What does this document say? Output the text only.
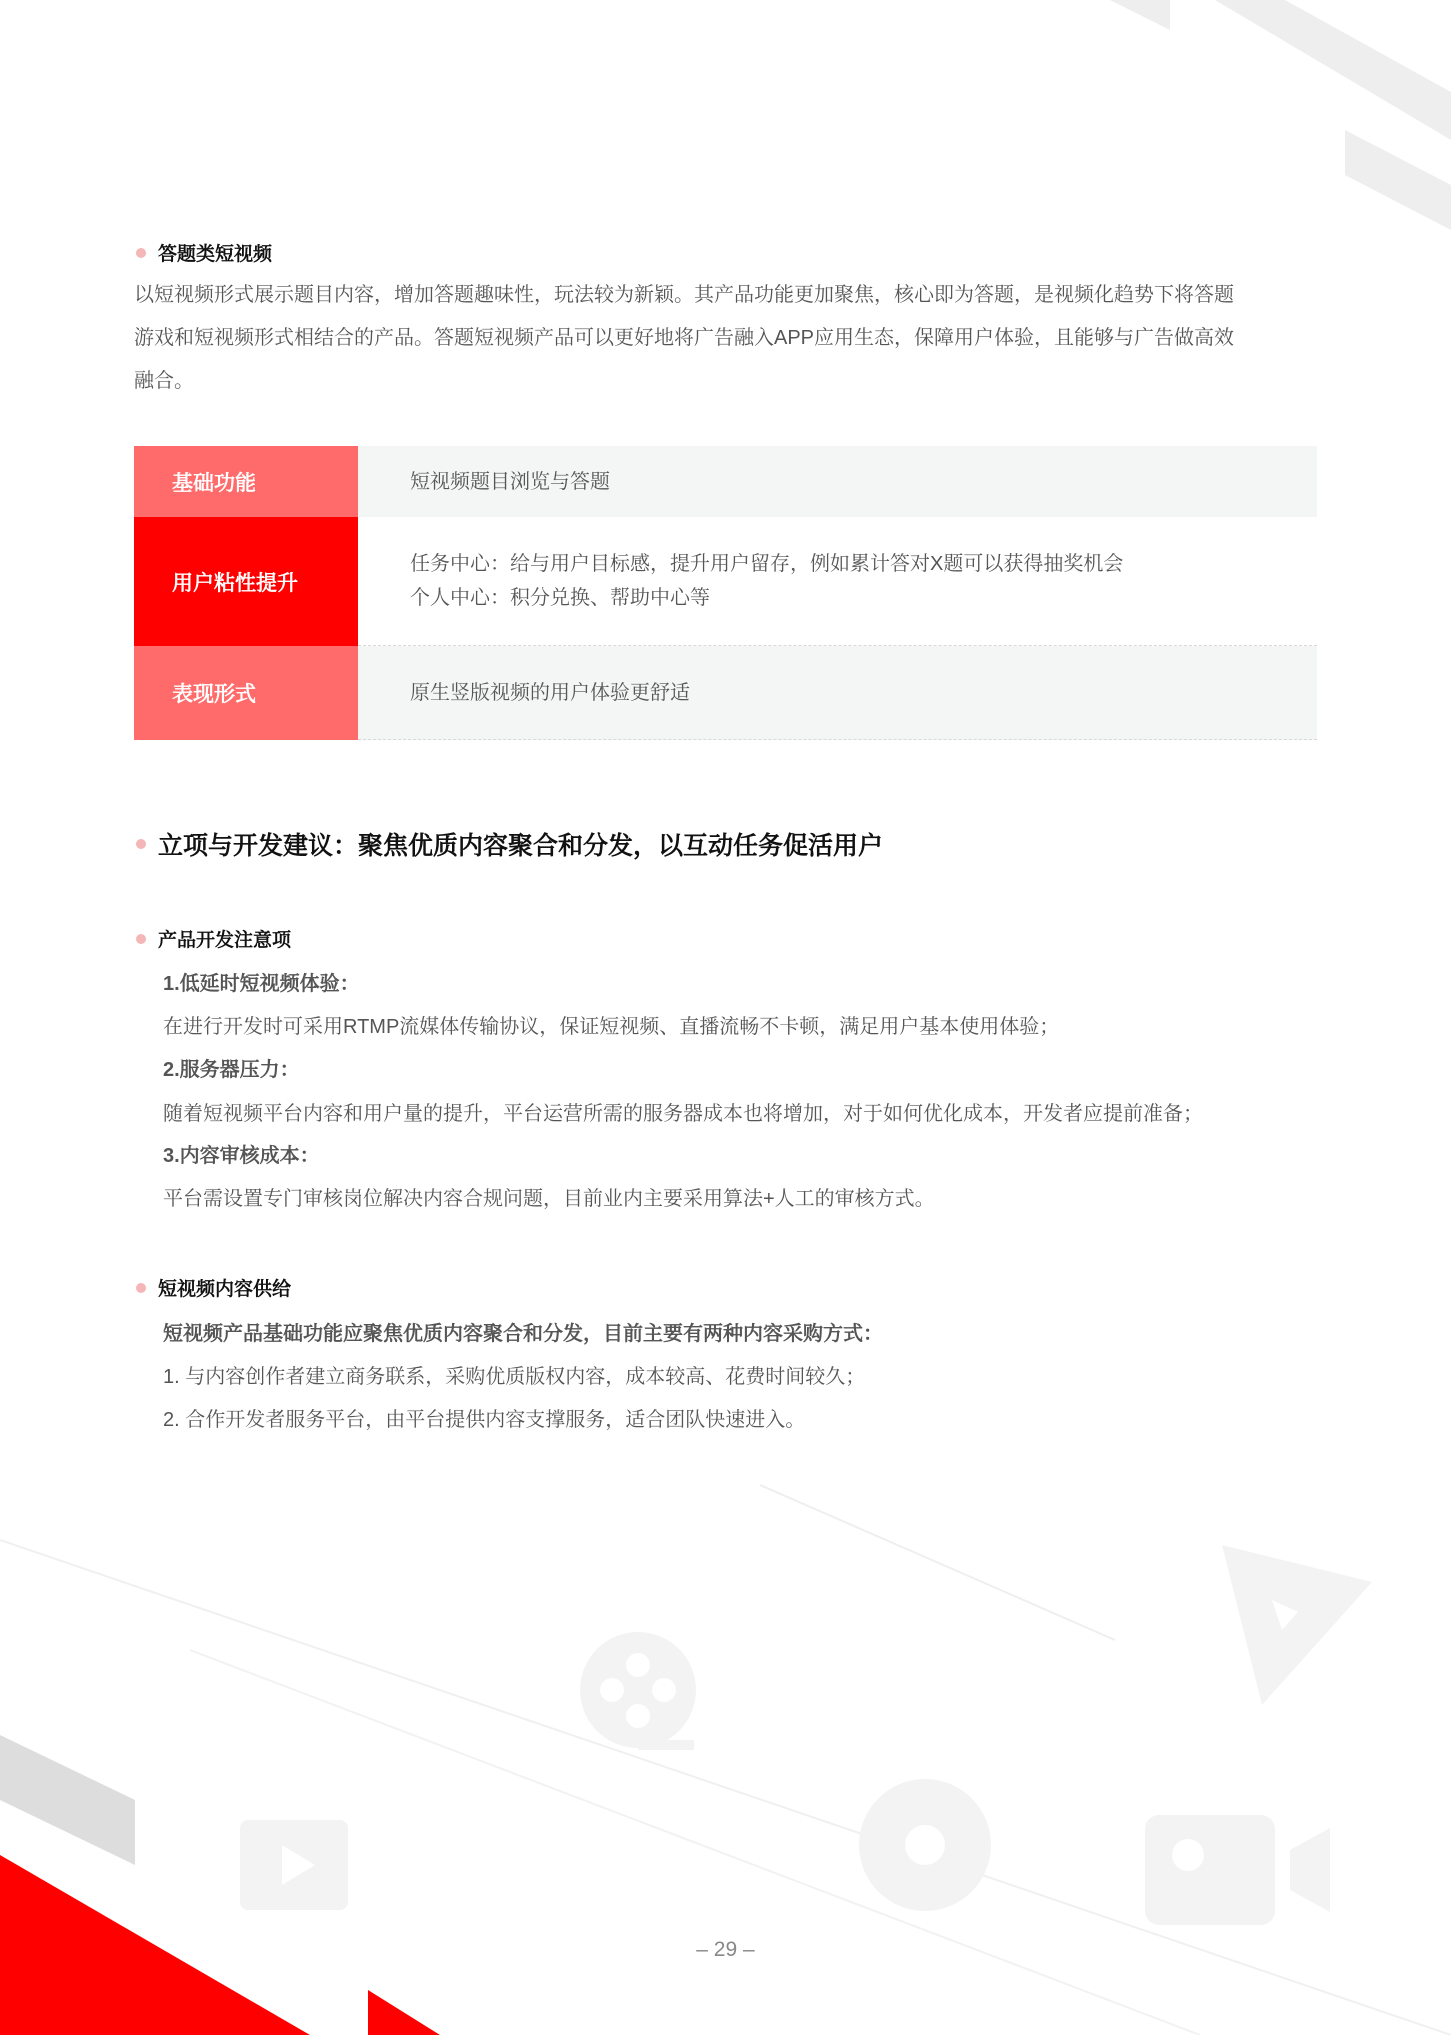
答题类短视频
以短视频形式展示题目内容，增加答题趣味性，玩法较为新颖。其产品功能更加聚焦，核心即为答题，是视频化趋势下将答题
游戏和短视频形式相结合的产品。答题短视频产品可以更好地将广告融入APP应用生态，保障用户体验，且能够与广告做高效
融合。
基础功能	短视频题目浏览与答题
用户粘性提升
任务中心：给与用户目标感，提升用户留存，例如累计答对X题可以获得抽奖机会
个人中心：积分兑换、帮助中心等
表现形式	原生竖版视频的用户体验更舒适
立项与开发建议：聚焦优质内容聚合和分发，以互动任务促活用户
产品开发注意项
1.低延时短视频体验：
在进行开发时可采用RTMP流媒体传输协议，保证短视频、直播流畅不卡顿，满足用户基本使用体验；
2.服务器压力：
随着短视频平台内容和用户量的提升，平台运营所需的服务器成本也将增加，对于如何优化成本，开发者应提前准备；
3.内容审核成本：
平台需设置专门审核岗位解决内容合规问题，目前业内主要采用算法+人工的审核方式。
短视频内容供给
短视频产品基础功能应聚焦优质内容聚合和分发，目前主要有两种内容采购方式：
1. 与内容创作者建立商务联系，采购优质版权内容，成本较高、花费时间较久；
2. 合作开发者服务平台，由平台提供内容支撑服务，适合团队快速进入。
– 29 –
